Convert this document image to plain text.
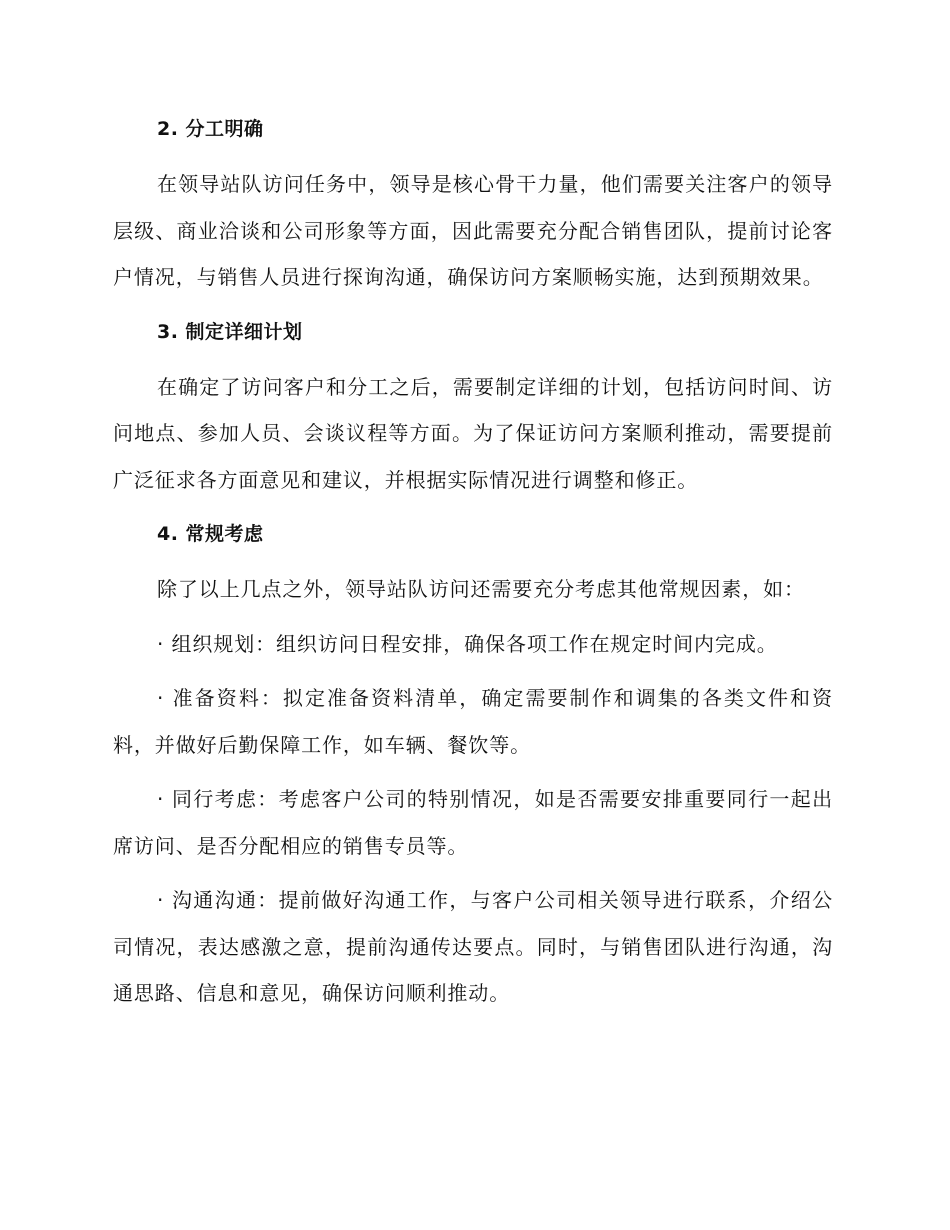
2. 分工明确

在领导站队访问任务中，领导是核心骨干力量，他们需要关注客户的领导层级、商业洽谈和公司形象等方面，因此需要充分配合销售团队，提前讨论客户情况，与销售人员进行探询沟通，确保访问方案顺畅实施，达到预期效果。

3. 制定详细计划

在确定了访问客户和分工之后，需要制定详细的计划，包括访问时间、访问地点、参加人员、会谈议程等方面。为了保证访问方案顺利推动，需要提前广泛征求各方面意见和建议，并根据实际情况进行调整和修正。

4. 常规考虑

除了以上几点之外，领导站队访问还需要充分考虑其他常规因素，如：

· 组织规划：组织访问日程安排，确保各项工作在规定时间内完成。

· 准备资料：拟定准备资料清单，确定需要制作和调集的各类文件和资料，并做好后勤保障工作，如车辆、餐饮等。

· 同行考虑：考虑客户公司的特别情况，如是否需要安排重要同行一起出席访问、是否分配相应的销售专员等。

· 沟通沟通：提前做好沟通工作，与客户公司相关领导进行联系，介绍公司情况，表达感激之意，提前沟通传达要点。同时，与销售团队进行沟通，沟通思路、信息和意见，确保访问顺利推动。
